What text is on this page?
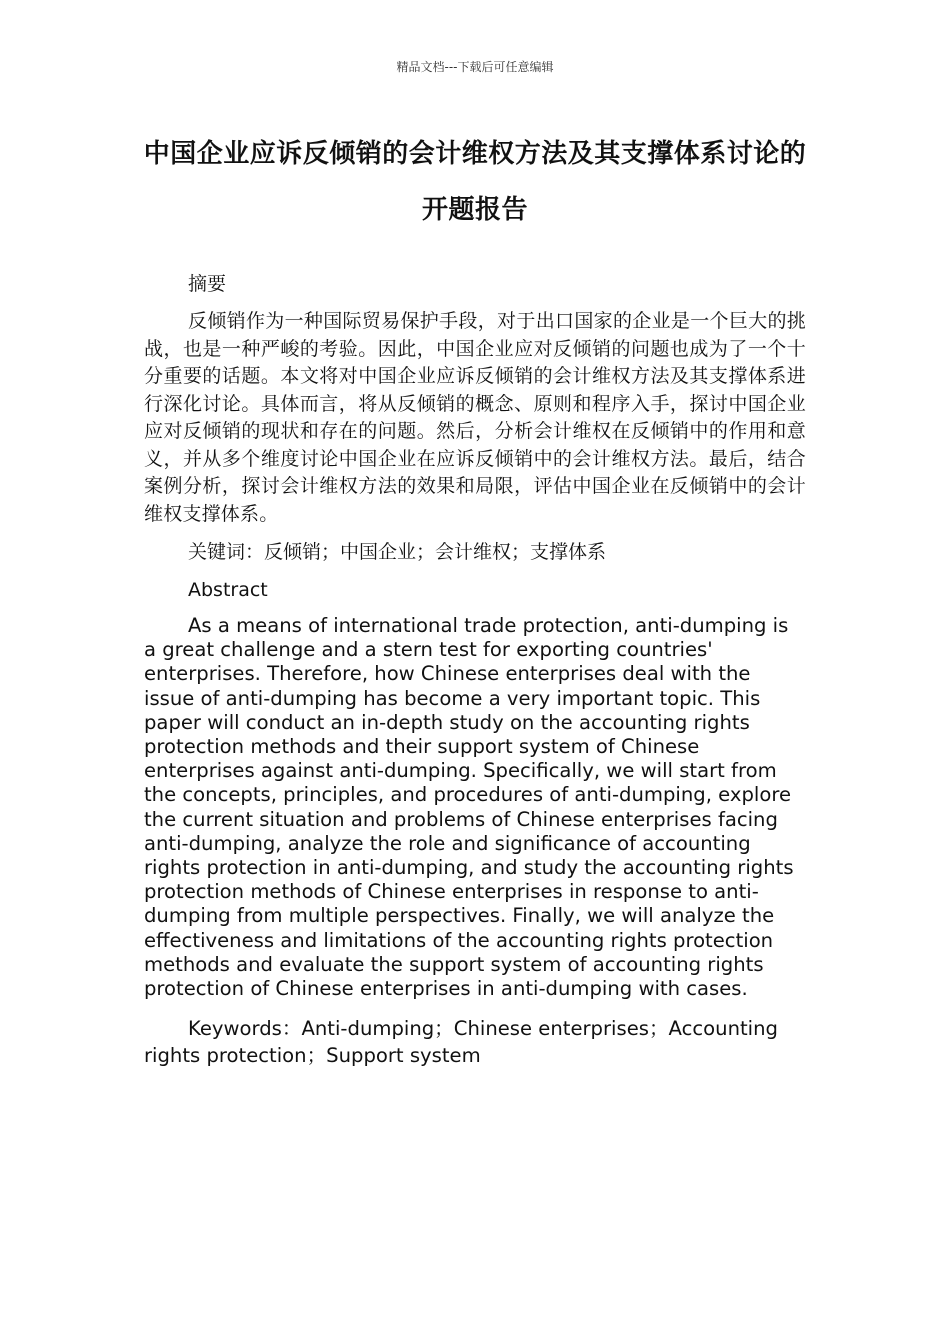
精品文档---下载后可任意编辑
中国企业应诉反倾销的会计维权方法及其支撑体系讨论的开题报告

摘要

反倾销作为一种国际贸易保护手段，对于出口国家的企业是一个巨大的挑战，也是一种严峻的考验。因此，中国企业应对反倾销的问题也成为了一个十分重要的话题。本文将对中国企业应诉反倾销的会计维权方法及其支撑体系进行深化讨论。具体而言，将从反倾销的概念、原则和程序入手，探讨中国企业应对反倾销的现状和存在的问题。然后，分析会计维权在反倾销中的作用和意义，并从多个维度讨论中国企业在应诉反倾销中的会计维权方法。最后，结合案例分析，探讨会计维权方法的效果和局限，评估中国企业在反倾销中的会计维权支撑体系。

关键词：反倾销；中国企业；会计维权；支撑体系

Abstract

As a means of international trade protection, anti-dumping is a great challenge and a stern test for exporting countries' enterprises. Therefore, how Chinese enterprises deal with the issue of anti-dumping has become a very important topic. This paper will conduct an in-depth study on the accounting rights protection methods and their support system of Chinese enterprises against anti-dumping. Specifically, we will start from the concepts, principles, and procedures of anti-dumping, explore the current situation and problems of Chinese enterprises facing anti-dumping, analyze the role and significance of accounting rights protection in anti-dumping, and study the accounting rights protection methods of Chinese enterprises in response to anti-dumping from multiple perspectives. Finally, we will analyze the effectiveness and limitations of the accounting rights protection methods and evaluate the support system of accounting rights protection of Chinese enterprises in anti-dumping with cases.

Keywords：Anti-dumping；Chinese enterprises；Accounting rights protection；Support system
